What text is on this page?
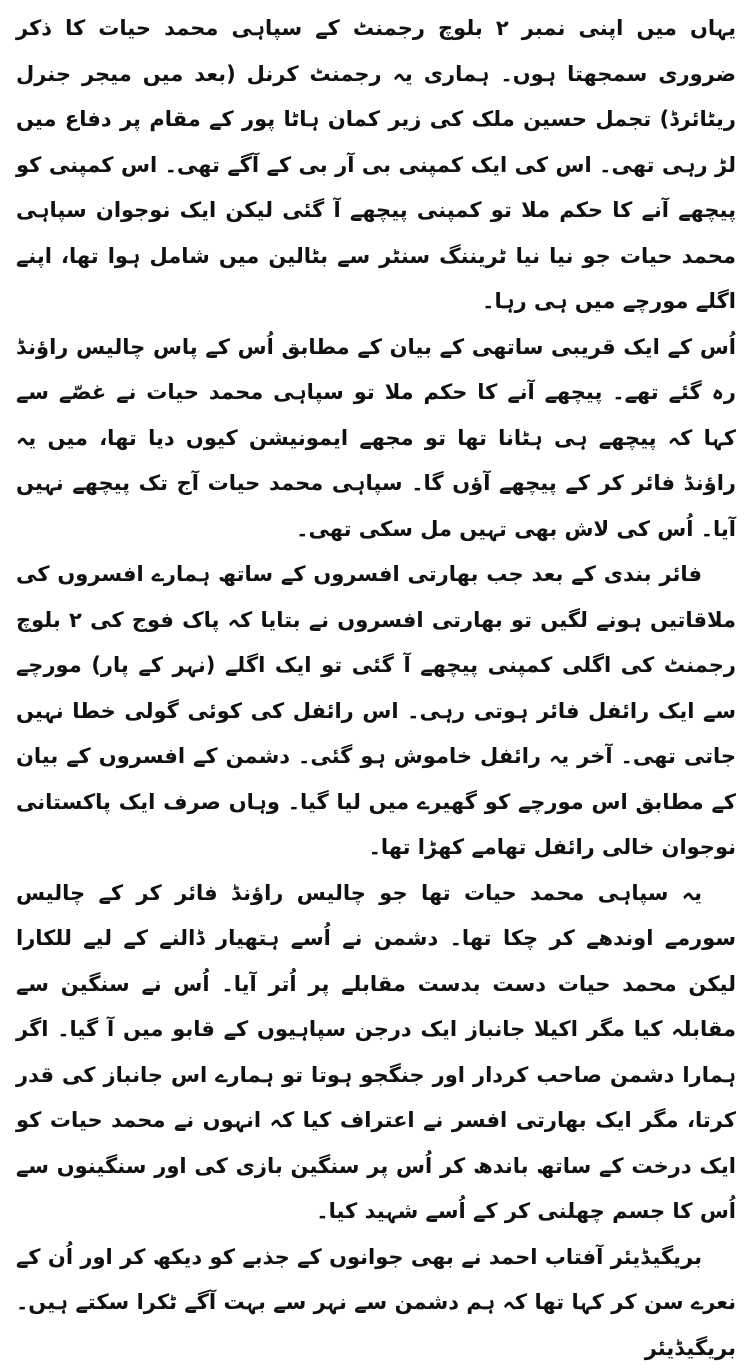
یہاں میں اپنی نمبر ۲ بلوچ رجمنٹ کے سپاہی محمد حیات کا ذکر ضروری سمجھتا ہوں۔ ہماری یہ رجمنٹ کرنل (بعد میں میجر جنرل ریٹائرڈ) تجمل حسین ملک کی زیر کمان ہاٹا پور کے مقام پر دفاع میں لڑ رہی تھی۔ اس کی ایک کمپنی بی آر بی کے آگے تھی۔ اس کمپنی کو پیچھے آنے کا حکم ملا تو کمپنی پیچھے آ گئی لیکن ایک نوجوان سپاہی محمد حیات جو نیا نیا ٹریننگ سنٹر سے بٹالین میں شامل ہوا تھا، اپنے اگلے مورچے میں ہی رہا۔

اُس کے ایک قریبی ساتھی کے بیان کے مطابق اُس کے پاس چالیس راؤنڈ رہ گئے تھے۔ پیچھے آنے کا حکم ملا تو سپاہی محمد حیات نے غصّے سے کہا کہ پیچھے ہی ہٹانا تھا تو مجھے ایمونیشن کیوں دیا تھا، میں یہ راؤنڈ فائر کر کے پیچھے آؤں گا۔ سپاہی محمد حیات آج تک پیچھے نہیں آیا۔ اُس کی لاش بھی تہیں مل سکی تھی۔

فائر بندی کے بعد جب بھارتی افسروں کے ساتھ ہمارے افسروں کی ملاقاتیں ہونے لگیں تو بھارتی افسروں نے بتایا کہ پاک فوج کی ۲ بلوچ رجمنٹ کی اگلی کمپنی پیچھے آ گئی تو ایک اگلے (نہر کے پار) مورچے سے ایک رائفل فائر ہوتی رہی۔ اس رائفل کی کوئی گولی خطا نہیں جاتی تھی۔ آخر یہ رائفل خاموش ہو گئی۔ دشمن کے افسروں کے بیان کے مطابق اس مورچے کو گھیرے میں لیا گیا۔ وہاں صرف ایک پاکستانی نوجوان خالی رائفل تھامے کھڑا تھا۔

یہ سپاہی محمد حیات تھا جو چالیس راؤنڈ فائر کر کے چالیس سورمے اوندھے کر چکا تھا۔ دشمن نے اُسے ہتھیار ڈالنے کے لیے للکارا لیکن محمد حیات دست بدست مقابلے پر اُتر آیا۔ اُس نے سنگین سے مقابلہ کیا مگر اکیلا جانباز ایک درجن سپاہیوں کے قابو میں آ گیا۔ اگر ہمارا دشمن صاحب کردار اور جنگجو ہوتا تو ہمارے اس جانباز کی قدر کرتا، مگر ایک بھارتی افسر نے اعتراف کیا کہ انہوں نے محمد حیات کو ایک درخت کے ساتھ باندھ کر اُس پر سنگین بازی کی اور سنگینوں سے اُس کا جسم چھلنی کر کے اُسے شہید کیا۔

بریگیڈیئر آفتاب احمد نے بھی جوانوں کے جذبے کو دیکھ کر اور اُن کے نعرے سن کر کہا تھا کہ ہم دشمن سے نہر سے بہت آگے ٹکرا سکتے ہیں۔ بریگیڈیئر
